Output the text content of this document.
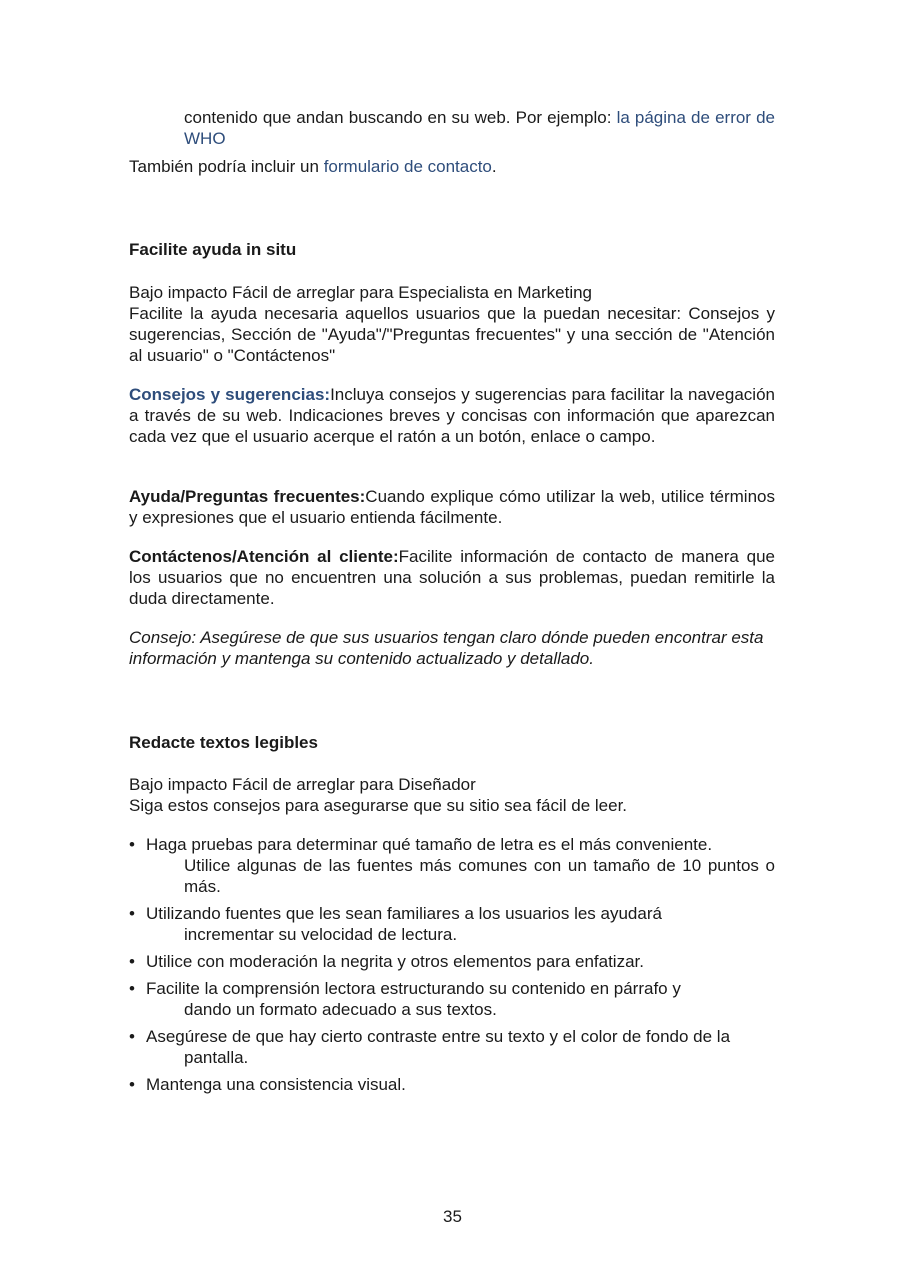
contenido que andan buscando en su web. Por ejemplo: la página de error de WHO
También podría incluir un formulario de contacto.
Facilite ayuda in situ
Bajo impacto Fácil de arreglar para Especialista en Marketing
Facilite la ayuda necesaria aquellos usuarios que la puedan necesitar: Consejos y sugerencias, Sección de "Ayuda"/"Preguntas frecuentes" y una sección de "Atención al usuario" o "Contáctenos"
Consejos y sugerencias:Incluya consejos y sugerencias para facilitar la navegación a través de su web. Indicaciones breves y concisas con información que aparezcan cada vez que el usuario acerque el ratón a un botón, enlace o campo.
Ayuda/Preguntas frecuentes:Cuando explique cómo utilizar la web, utilice términos y expresiones que el usuario entienda fácilmente.
Contáctenos/Atención al cliente:Facilite información de contacto de manera que los usuarios que no encuentren una solución a sus problemas, puedan remitirle la duda directamente.
Consejo: Asegúrese de que sus usuarios tengan claro dónde pueden encontrar esta información y mantenga su contenido actualizado y detallado.
Redacte textos legibles
Bajo impacto Fácil de arreglar para Diseñador
Siga estos consejos para asegurarse que su sitio sea fácil de leer.
• Haga pruebas para determinar qué tamaño de letra es el más conveniente.
Utilice algunas de las fuentes más comunes con un tamaño de 10 puntos o más.
• Utilizando fuentes que les sean familiares a los usuarios les ayudará
incrementar su velocidad de lectura.
• Utilice con moderación la negrita y otros elementos para enfatizar.
• Facilite la comprensión lectora estructurando su contenido en párrafo y
dando un formato adecuado a sus textos.
• Asegúrese de que hay cierto contraste entre su texto y el color de fondo de la
pantalla.
• Mantenga una consistencia visual.
35
